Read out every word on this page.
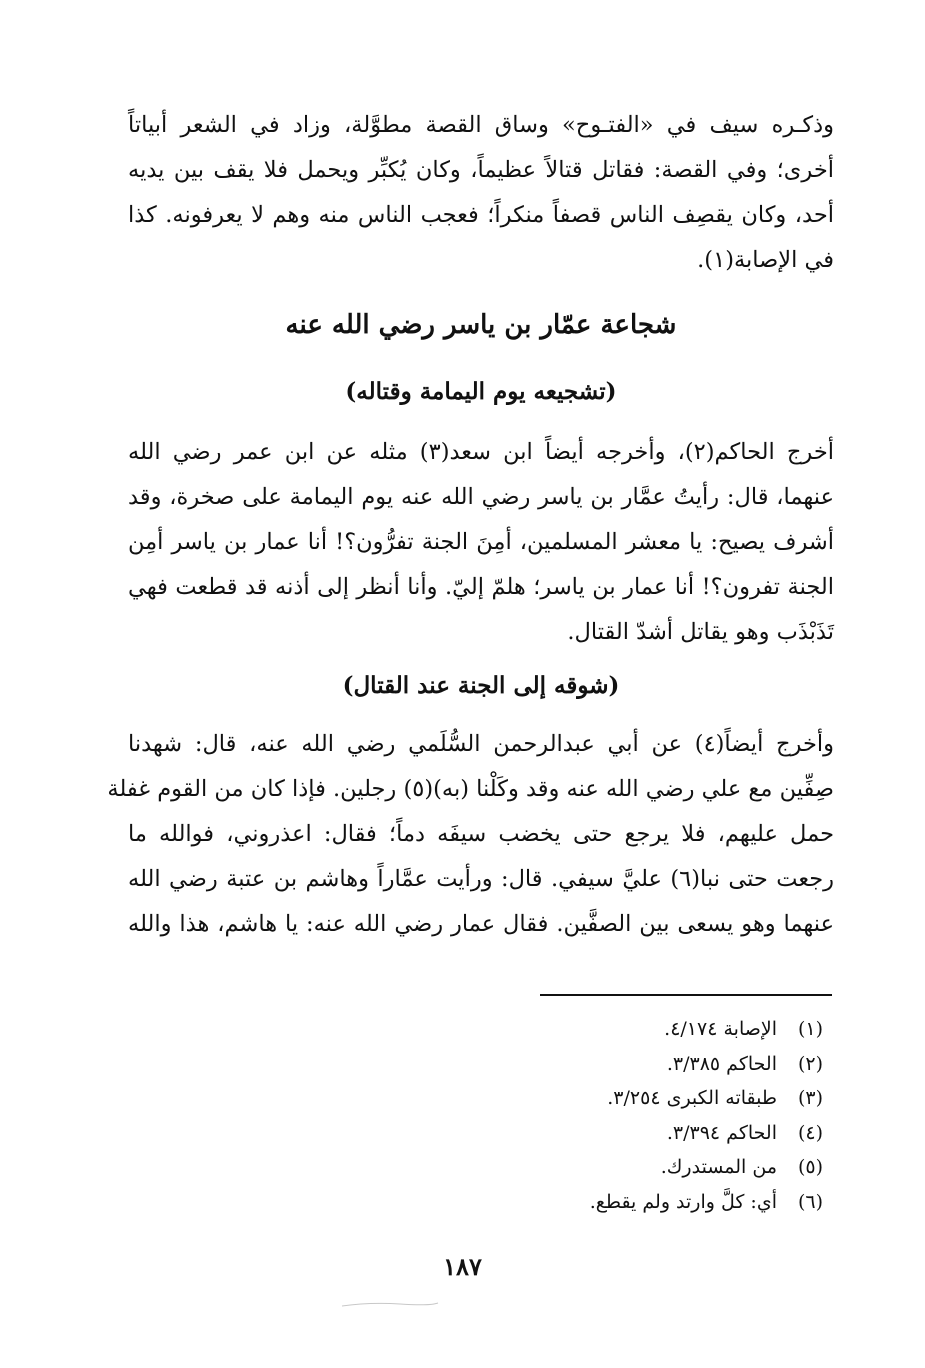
وذكـره سيف في «الفتـوح» وساق القصة مطوَّلة، وزاد في الشعر أبياتاً
أخرى؛ وفي القصة: فقاتل قتالاً عظيماً، وكان يُكبِّر ويحمل فلا يقف بين يديه
أحد، وكان يقصِف الناس قصفاً منكراً؛ فعجب الناس منه وهم لا يعرفونه. كذا
في الإصابة(١).
شجاعة عمّار بن ياسر رضي الله عنه
(تشجيعه يوم اليمامة وقتاله)
أخرج الحاكم(٢)، وأخرجه أيضاً ابن سعد(٣) مثله عن ابن عمر رضي الله
عنهما، قال: رأيتُ عمَّار بن ياسر رضي الله عنه يوم اليمامة على صخرة، وقد
أشرف يصيح: يا معشر المسلمين، أمِنَ الجنة تفرُّون؟! أنا عمار بن ياسر أمِن
الجنة تفرون؟! أنا عمار بن ياسر؛ هلمّ إليّ. وأنا أنظر إلى أذنه قد قطعت فهي
تَذَبْذَب وهو يقاتل أشدّ القتال.
(شوقه إلى الجنة عند القتال)
وأخرج أيضاً(٤) عن أبي عبدالرحمن السُّلَمي رضي الله عنه، قال: شهدنا
صِفِّين مع علي رضي الله عنه وقد وكَلْنا (به)(٥) رجلين. فإذا كان من القوم غفلة
حمل عليهم، فلا يرجع حتى يخضب سيفَه دماً؛ فقال: اعذروني، فوالله ما
رجعت حتى نبا(٦) عليَّ سيفي. قال: ورأيت عمَّاراً وهاشم بن عتبة رضي الله
عنهما وهو يسعى بين الصفَّين. فقال عمار رضي الله عنه: يا هاشم، هذا والله
(١)
الإصابة ٤/١٧٤.
(٢)
الحاكم ٣/٣٨٥.
(٣)
طبقاته الكبرى ٣/٢٥٤.
(٤)
الحاكم ٣/٣٩٤.
(٥)
من المستدرك.
(٦)
أي: كلَّ وارتد ولم يقطع.
١٨٧
